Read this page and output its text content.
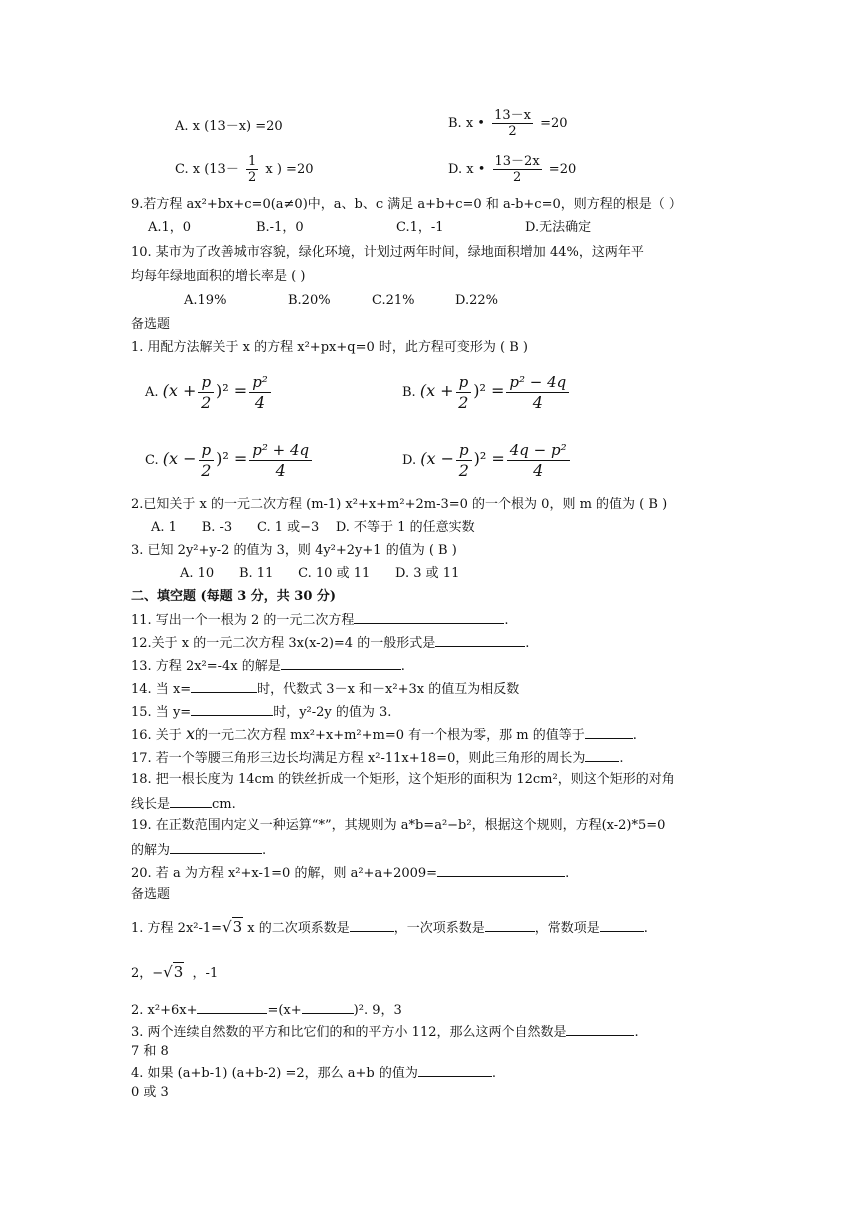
A. x (13－x) =20	B. x • $\frac{13-x}{2} =20$
C. x ($13- \frac{1}{2}$ x ) =20	D. x • $\frac{13-2x}{2} =20$
9.若方程 ax²+bx+c=0(a≠0)中，a、b、c 满足 a+b+c=0 和 a-b+c=0，则方程的根是（ ）
A.1，0	B.-1，0	C.1，-1	D.无法确定
10. 某市为了改善城市容貌，绿化环境，计划过两年时间，绿地面积增加 44%，这两年平
均每年绿地面积的增长率是 ( )
A.19%	B.20%	C.21%	D.22%
备选题
1. 用配方法解关于 x 的方程 x²+px+q=0 时，此方程可变形为 ( B )
A. $(x + \frac{p}{2} )^2 = \frac{\text{p²}}{4}$	B. $(x + \frac{p}{2} )^2 = \frac{\text{p² − 4q}}{4}$
C. $(x - \frac{p}{2} )^2 = \frac{\text{p² + 4q}}{4}$	D. $(x - \frac{p}{2} )^2 = \frac{\text{4q − p²}}{4}$
2.已知关于 x 的一元二次方程 (m-1) x²+x+m²+2m-3=0 的一个根为 0，则 m 的值为 ( B )
A. 1      B. -3      C. 1 或−3    D. 不等于 1 的任意实数
3. 已知 2y²+y-2 的值为 3，则 4y²+2y+1 的值为 ( B )
A. 10      B. 11      C. 10 或 11      D. 3 或 11
二、填空题 (每题 3 分，共 30 分)
11. 写出一个一根为 2 的一元二次方程	.
12.关于 x 的一元二次方程 3x(x-2)=4 的一般形式是	.
13. 方程 2x²=-4x 的解是	.
14. 当 x=	时，代数式 3－x 和－x²+3x 的值互为相反数
15. 当 y=	时，y²-2y 的值为 3.
16. 关于 x的一元二次方程 mx²+x+m²+m=0 有一个根为零，那 m 的值等于	.
17. 若一个等腰三角形三边长均满足方程 x²-11x+18=0，则此三角形的周长为	.
18. 把一根长度为 14cm 的铁丝折成一个矩形，这个矩形的面积为 12cm²，则这个矩形的对角
线长是	cm.
19. 在正数范围内定义一种运算“*”，其规则为 a*b=a²−b²，根据这个规则，方程(x-2)*5=0
的解为	.
20. 若 a 为方程 x²+x-1=0 的解，则 a²+a+2009=	.
备选题
1. 方程 2x²-1=√3 x 的二次项系数是	，一次项系数是	，常数项是	.
2，−√3  ，-1
2. x²+6x+	=(x+	)². 9，3
3. 两个连续自然数的平方和比它们的和的平方小 112，那么这两个自然数是	.
7 和 8
4. 如果 (a+b-1) (a+b-2) =2，那么 a+b 的值为	.
0 或 3
